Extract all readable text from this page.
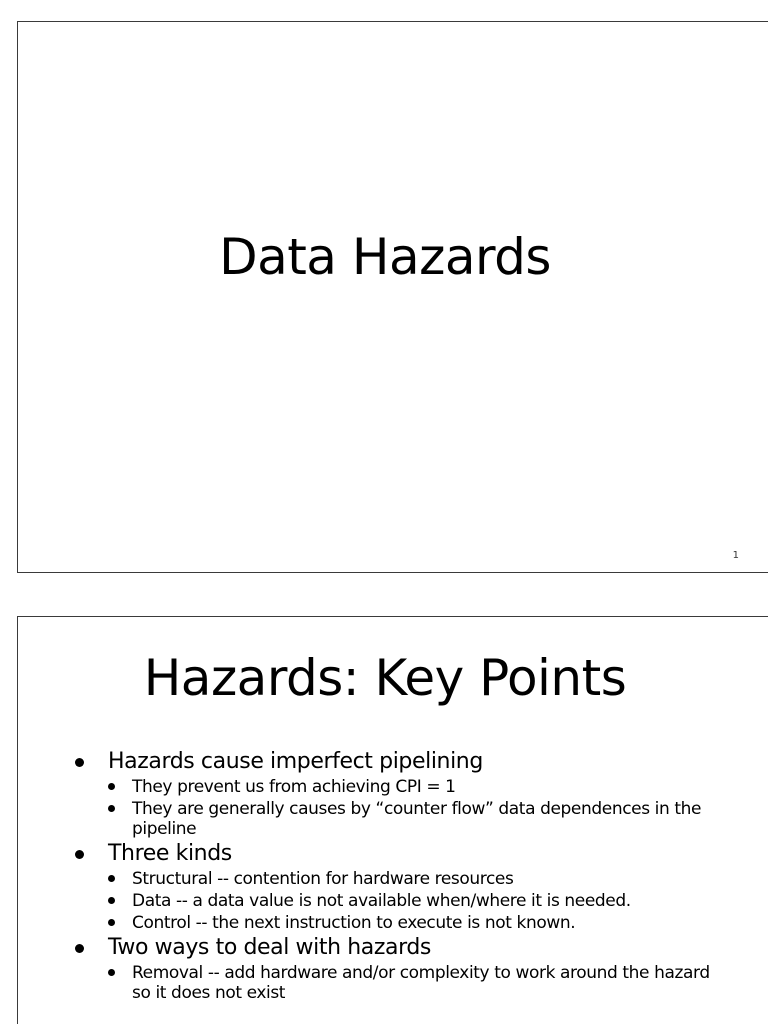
Data Hazards
1
Hazards: Key Points
Hazards cause imperfect pipelining
They prevent us from achieving CPI = 1
They are generally causes by “counter flow” data dependences in the pipeline
Three kinds
Structural -- contention for hardware resources
Data -- a data value is not available when/where it is needed.
Control -- the next instruction to execute is not known.
Two ways to deal with hazards
Removal -- add hardware and/or complexity to work around the hazard so it does not exist
